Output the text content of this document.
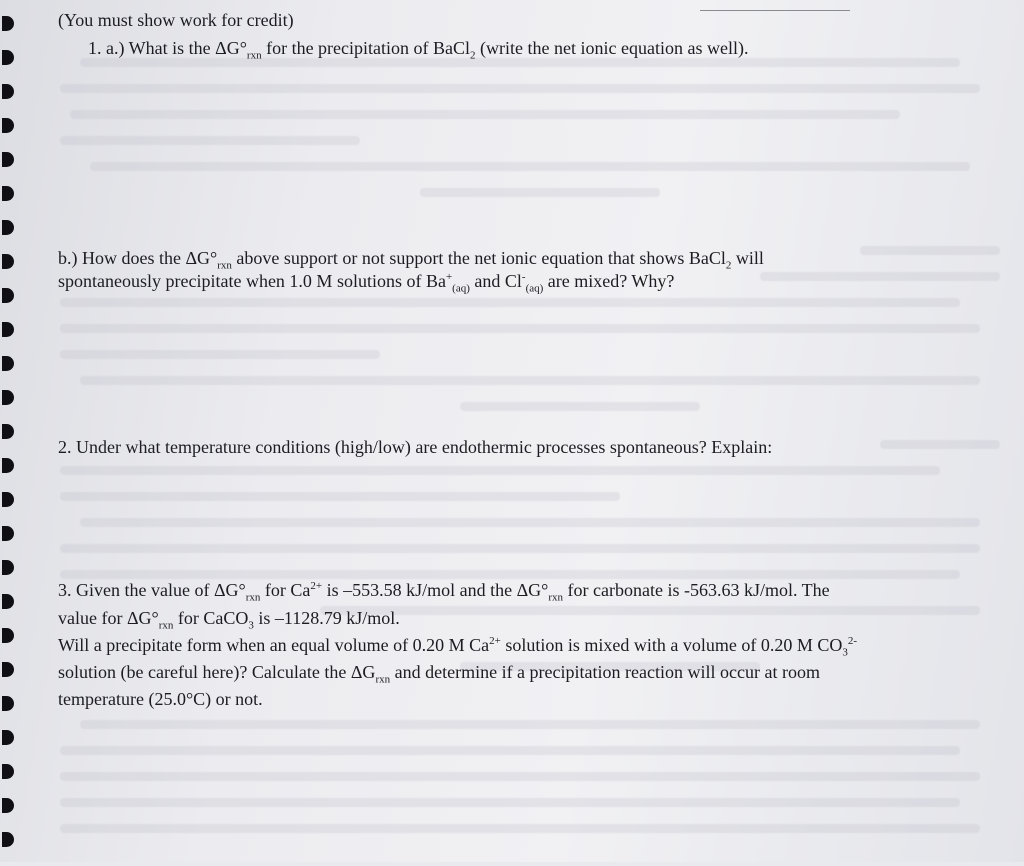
(You must show work for credit)
1. a.) What is the $\Delta G^\circ_{rxn}$ for the precipitation of BaCl$_2$ (write the net ionic equation as well).
b.) How does the $\Delta G^\circ_{rxn}$ above support or not support the net ionic equation that shows BaCl$_2$ will
spontaneously precipitate when 1.0 M solutions of $Ba^+_{(aq)}$ and $Cl^-_{(aq)}$ are mixed? Why?
2. Under what temperature conditions (high/low) are endothermic processes spontaneous? Explain:
3. Given the value of $\Delta G^\circ_{rxn}$ for $Ca^{2+}$ is –553.58 kJ/mol and the $\Delta G^\circ_{rxn}$ for carbonate is -563.63 kJ/mol. The
value for $\Delta G^\circ_{rxn}$ for CaCO$_3$ is –1128.79 kJ/mol.
Will a precipitate form when an equal volume of 0.20 M $Ca^{2+}$ solution is mixed with a volume of 0.20 M $CO_3^{2-}$
solution (be careful here)? Calculate the $\Delta G_{rxn}$ and determine if a precipitation reaction will occur at room
temperature (25.0°C) or not.
